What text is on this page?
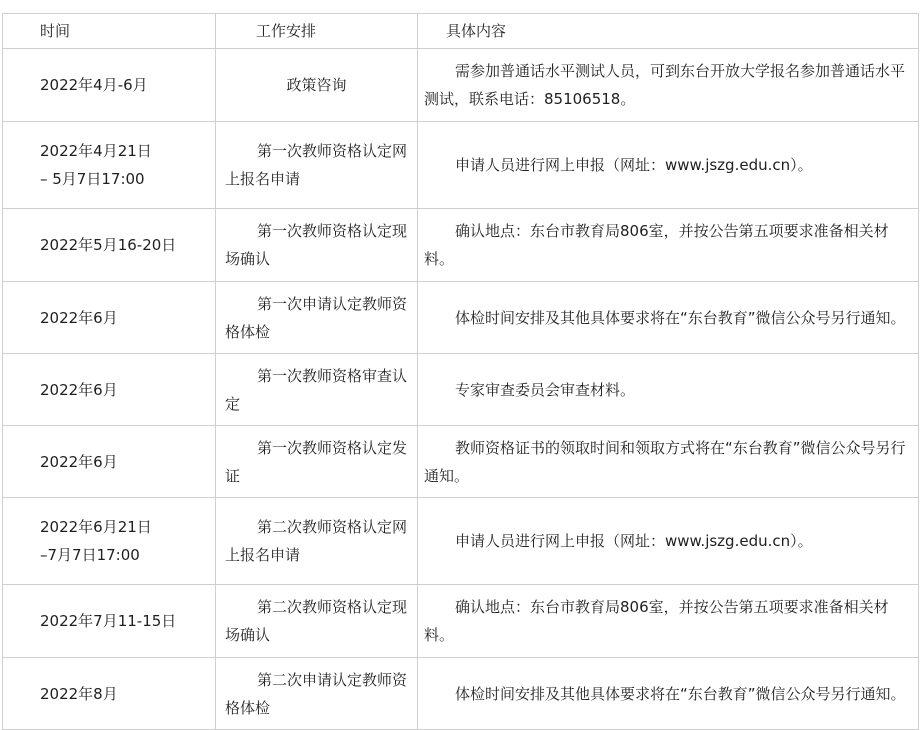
时间	工作安排	具体内容

2022年4月-6月	政策咨询	需参加普通话水平测试人员，可到东台开放大学报名参加普通话水平测试，联系电话：85106518。

2022年4月21日
– 5月7日17:00	第一次教师资格认定网上报名申请	申请人员进行网上申报（网址：www.jszg.edu.cn）。

2022年5月16-20日	第一次教师资格认定现场确认	确认地点：东台市教育局806室，并按公告第五项要求准备相关材料。

2022年6月	第一次申请认定教师资格体检	体检时间安排及其他具体要求将在“东台教育”微信公众号另行通知。

2022年6月	第一次教师资格审查认定	专家审查委员会审查材料。

2022年6月	第一次教师资格认定发证	教师资格证书的领取时间和领取方式将在“东台教育”微信公众号另行通知。

2022年6月21日
–7月7日17:00	第二次教师资格认定网上报名申请	申请人员进行网上申报（网址：www.jszg.edu.cn）。

2022年7月11-15日	第二次教师资格认定现场确认	确认地点：东台市教育局806室，并按公告第五项要求准备相关材料。

2022年8月	第二次申请认定教师资格体检	体检时间安排及其他具体要求将在“东台教育”微信公众号另行通知。
